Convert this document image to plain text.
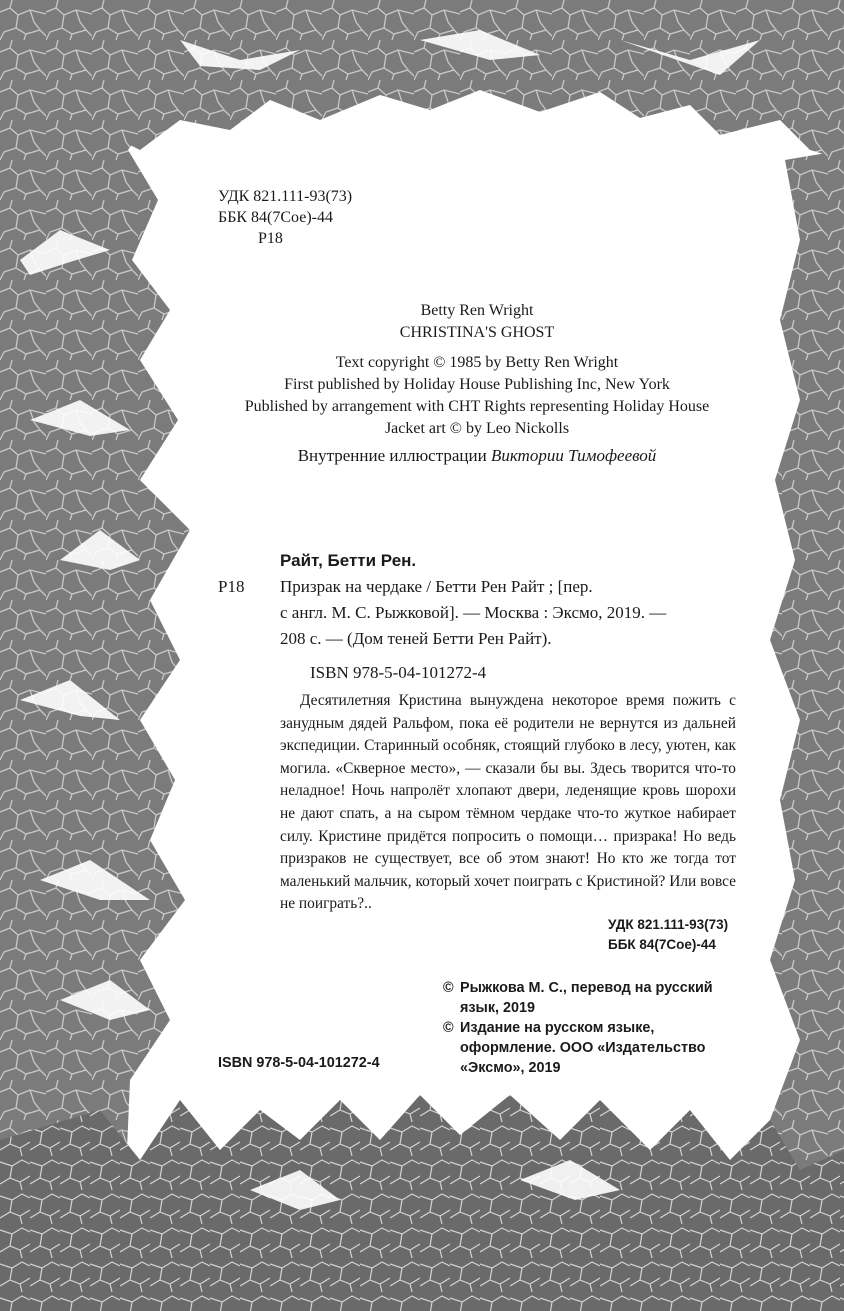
УДК 821.111-93(73)
ББК 84(7Сое)-44
Р18
Betty Ren Wright
CHRISTINA'S GHOST
Text copyright © 1985 by Betty Ren Wright
First published by Holiday House Publishing Inc, New York
Published by arrangement with CHT Rights representing Holiday House
Jacket art © by Leo Nickolls
Внутренние иллюстрации Виктории Тимофеевой
Райт, Бетти Рен.
Р18 Призрак на чердаке / Бетти Рен Райт ; [пер.
с англ. М. С. Рыжковой]. — Москва : Эксмо, 2019. —
208 с. — (Дом теней Бетти Рен Райт).
ISBN 978-5-04-101272-4
Десятилетняя Кристина вынуждена некоторое время пожить с занудным дядей Ральфом, пока её родители не вернутся из дальней экспедиции. Старинный особняк, стоящий глубоко в лесу, уютен, как могила. «Скверное место», — сказали бы вы. Здесь творится что-то неладное! Ночь напролёт хлопают двери, леденящие кровь шорохи не дают спать, а на сыром тёмном чердаке что-то жуткое набирает силу. Кристине придётся попросить о помощи… призрака! Но ведь призраков не существует, все об этом знают! Но кто же тогда тот маленький мальчик, который хочет поиграть с Кристиной? Или вовсе не поиграть?..
УДК 821.111-93(73)
ББК 84(7Сое)-44
© Рыжкова М. С., перевод на русский язык, 2019
© Издание на русском языке, оформление. ООО «Издательство «Эксмо», 2019
ISBN 978-5-04-101272-4
